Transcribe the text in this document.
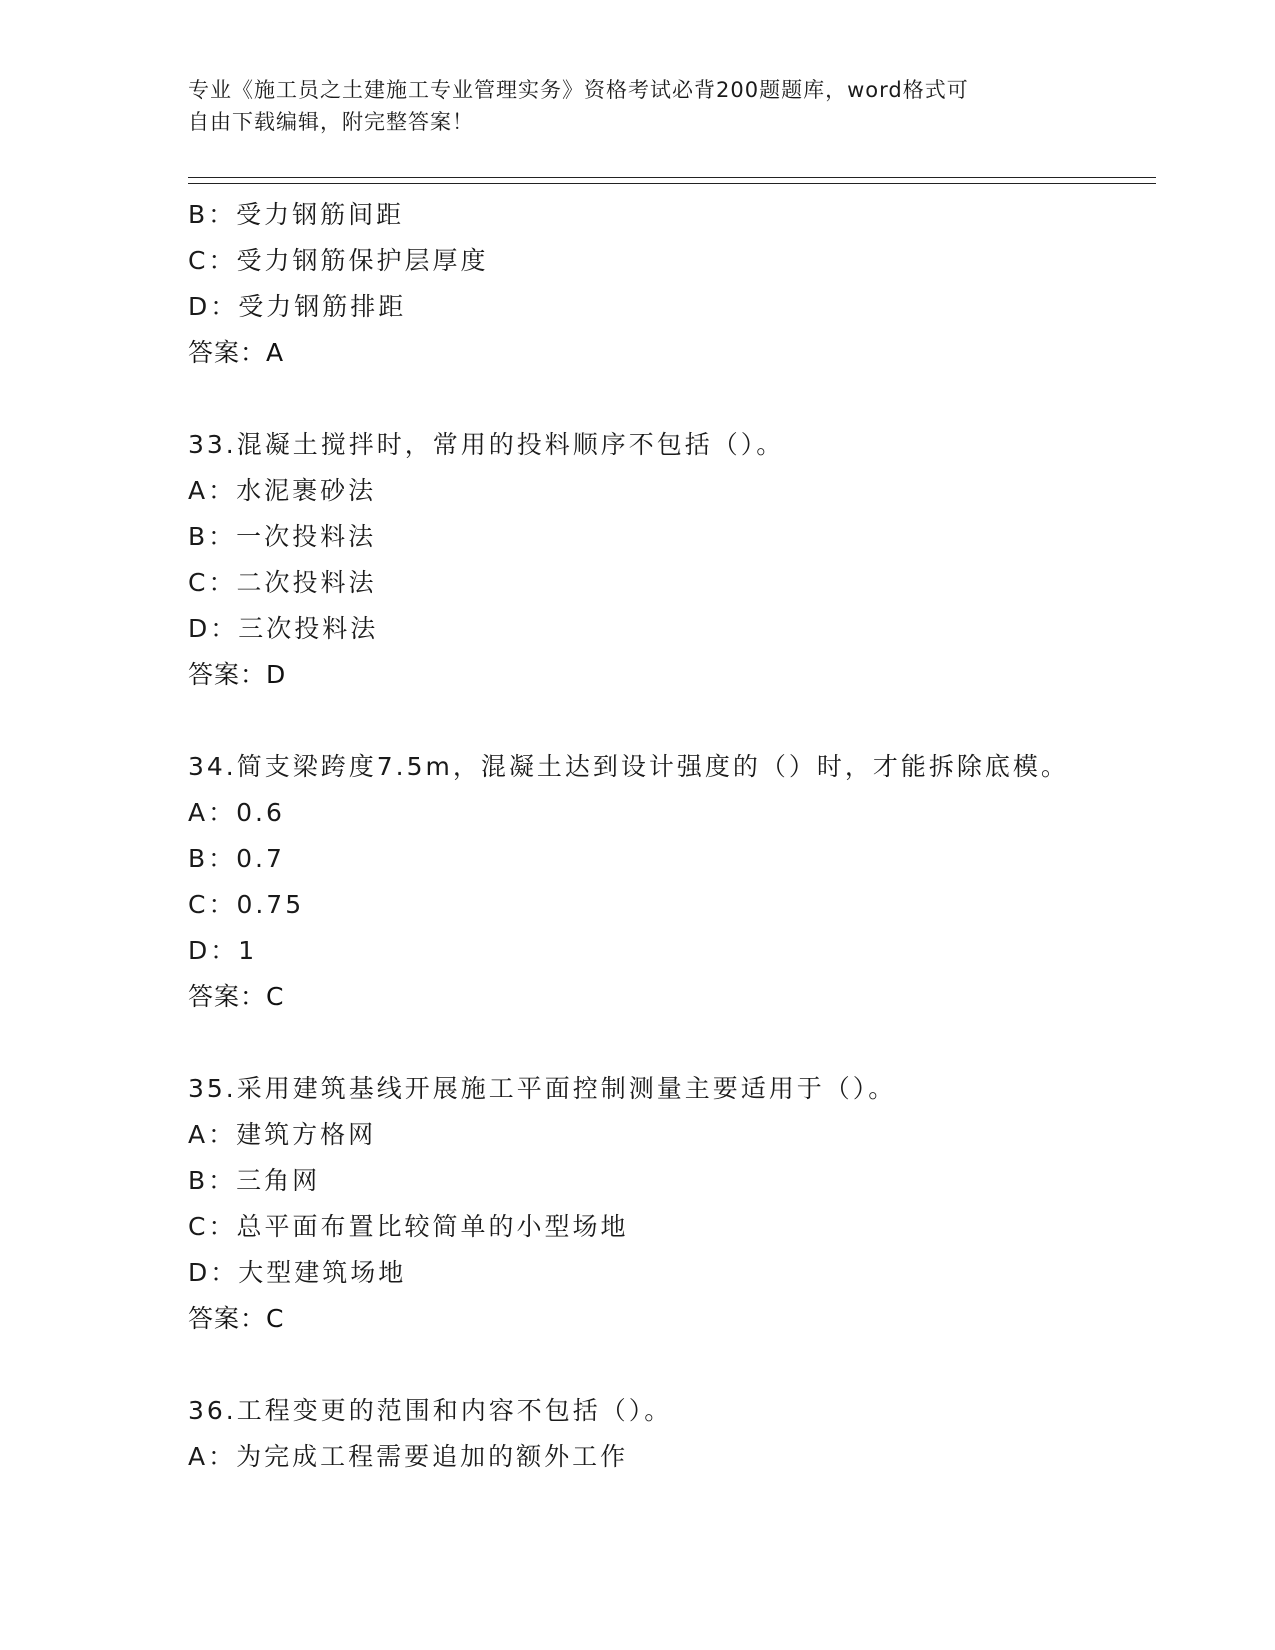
专业《施工员之土建施工专业管理实务》资格考试必背200题题库，word格式可
自由下载编辑，附完整答案！
B：受力钢筋间距
C：受力钢筋保护层厚度
D：受力钢筋排距
答案：A
33.混凝土搅拌时，常用的投料顺序不包括（）。
A：水泥裹砂法
B：一次投料法
C：二次投料法
D：三次投料法
答案：D
34.简支梁跨度7.5m，混凝土达到设计强度的（）时，才能拆除底模。
A：0.6
B：0.7
C：0.75
D：1
答案：C
35.采用建筑基线开展施工平面控制测量主要适用于（）。
A：建筑方格网
B：三角网
C：总平面布置比较简单的小型场地
D：大型建筑场地
答案：C
36.工程变更的范围和内容不包括（）。
A：为完成工程需要追加的额外工作
